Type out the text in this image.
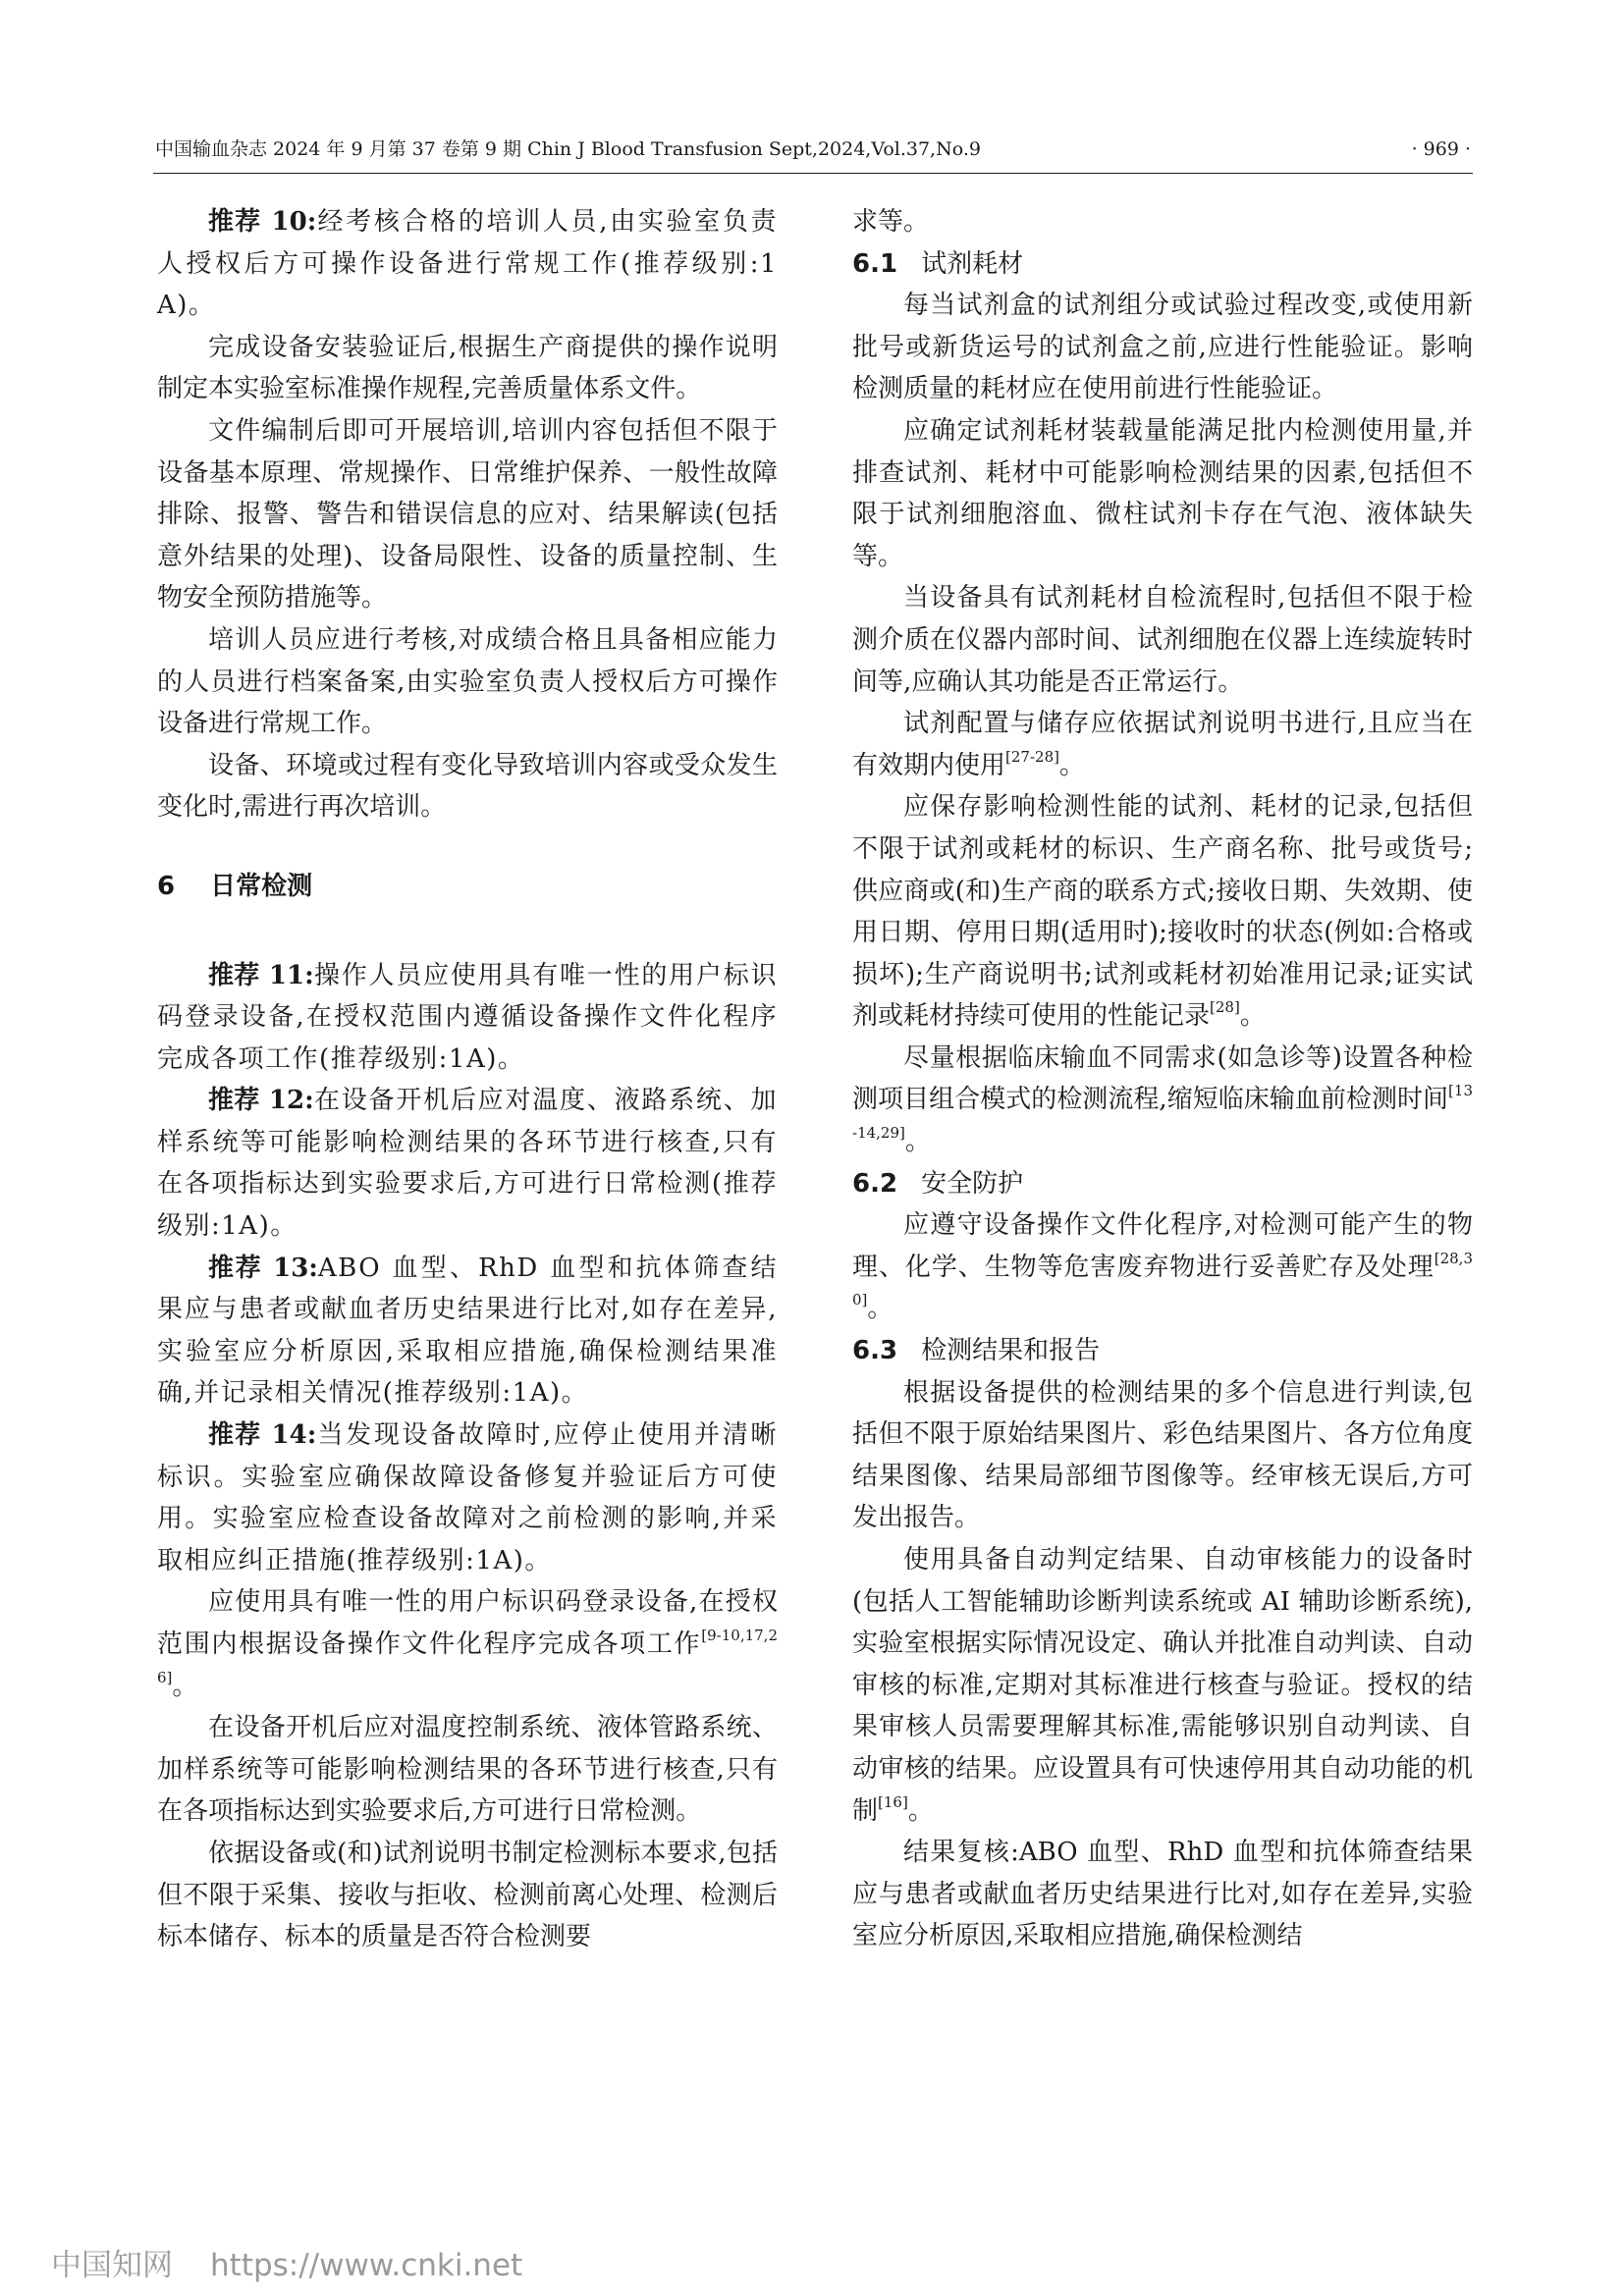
中国输血杂志 2024 年 9 月第 37 卷第 9 期 Chin J Blood Transfusion Sept,2024,Vol.37,No.9	· 969 ·

推荐 10:经考核合格的培训人员,由实验室负责人授权后方可操作设备进行常规工作(推荐级别:1A)。

完成设备安装验证后,根据生产商提供的操作说明制定本实验室标准操作规程,完善质量体系文件。

文件编制后即可开展培训,培训内容包括但不限于设备基本原理、常规操作、日常维护保养、一般性故障排除、报警、警告和错误信息的应对、结果解读(包括意外结果的处理)、设备局限性、设备的质量控制、生物安全预防措施等。

培训人员应进行考核,对成绩合格且具备相应能力的人员进行档案备案,由实验室负责人授权后方可操作设备进行常规工作。

设备、环境或过程有变化导致培训内容或受众发生变化时,需进行再次培训。

6 日常检测

推荐 11:操作人员应使用具有唯一性的用户标识码登录设备,在授权范围内遵循设备操作文件化程序完成各项工作(推荐级别:1A)。

推荐 12:在设备开机后应对温度、液路系统、加样系统等可能影响检测结果的各环节进行核查,只有在各项指标达到实验要求后,方可进行日常检测(推荐级别:1A)。

推荐 13:ABO 血型、RhD 血型和抗体筛查结果应与患者或献血者历史结果进行比对,如存在差异,实验室应分析原因,采取相应措施,确保检测结果准确,并记录相关情况(推荐级别:1A)。

推荐 14:当发现设备故障时,应停止使用并清晰标识。实验室应确保故障设备修复并验证后方可使用。实验室应检查设备故障对之前检测的影响,并采取相应纠正措施(推荐级别:1A)。

应使用具有唯一性的用户标识码登录设备,在授权范围内根据设备操作文件化程序完成各项工作[9-10,17,26]。

在设备开机后应对温度控制系统、液体管路系统、加样系统等可能影响检测结果的各环节进行核查,只有在各项指标达到实验要求后,方可进行日常检测。

依据设备或(和)试剂说明书制定检测标本要求,包括但不限于采集、接收与拒收、检测前离心处理、检测后标本储存、标本的质量是否符合检测要

求等。

6.1 试剂耗材

每当试剂盒的试剂组分或试验过程改变,或使用新批号或新货运号的试剂盒之前,应进行性能验证。影响检测质量的耗材应在使用前进行性能验证。

应确定试剂耗材装载量能满足批内检测使用量,并排查试剂、耗材中可能影响检测结果的因素,包括但不限于试剂细胞溶血、微柱试剂卡存在气泡、液体缺失等。

当设备具有试剂耗材自检流程时,包括但不限于检测介质在仪器内部时间、试剂细胞在仪器上连续旋转时间等,应确认其功能是否正常运行。

试剂配置与储存应依据试剂说明书进行,且应当在有效期内使用[27-28]。

应保存影响检测性能的试剂、耗材的记录,包括但不限于试剂或耗材的标识、生产商名称、批号或货号;供应商或(和)生产商的联系方式;接收日期、失效期、使用日期、停用日期(适用时);接收时的状态(例如:合格或损坏);生产商说明书;试剂或耗材初始准用记录;证实试剂或耗材持续可使用的性能记录[28]。

尽量根据临床输血不同需求(如急诊等)设置各种检测项目组合模式的检测流程,缩短临床输血前检测时间[13-14,29]。

6.2 安全防护

应遵守设备操作文件化程序,对检测可能产生的物理、化学、生物等危害废弃物进行妥善贮存及处理[28,30]。

6.3 检测结果和报告

根据设备提供的检测结果的多个信息进行判读,包括但不限于原始结果图片、彩色结果图片、各方位角度结果图像、结果局部细节图像等。经审核无误后,方可发出报告。

使用具备自动判定结果、自动审核能力的设备时(包括人工智能辅助诊断判读系统或 AI 辅助诊断系统),实验室根据实际情况设定、确认并批准自动判读、自动审核的标准,定期对其标准进行核查与验证。授权的结果审核人员需要理解其标准,需能够识别自动判读、自动审核的结果。应设置具有可快速停用其自动功能的机制[16]。

结果复核:ABO 血型、RhD 血型和抗体筛查结果应与患者或献血者历史结果进行比对,如存在差异,实验室应分析原因,采取相应措施,确保检测结

中国知网 https://www.cnki.net
